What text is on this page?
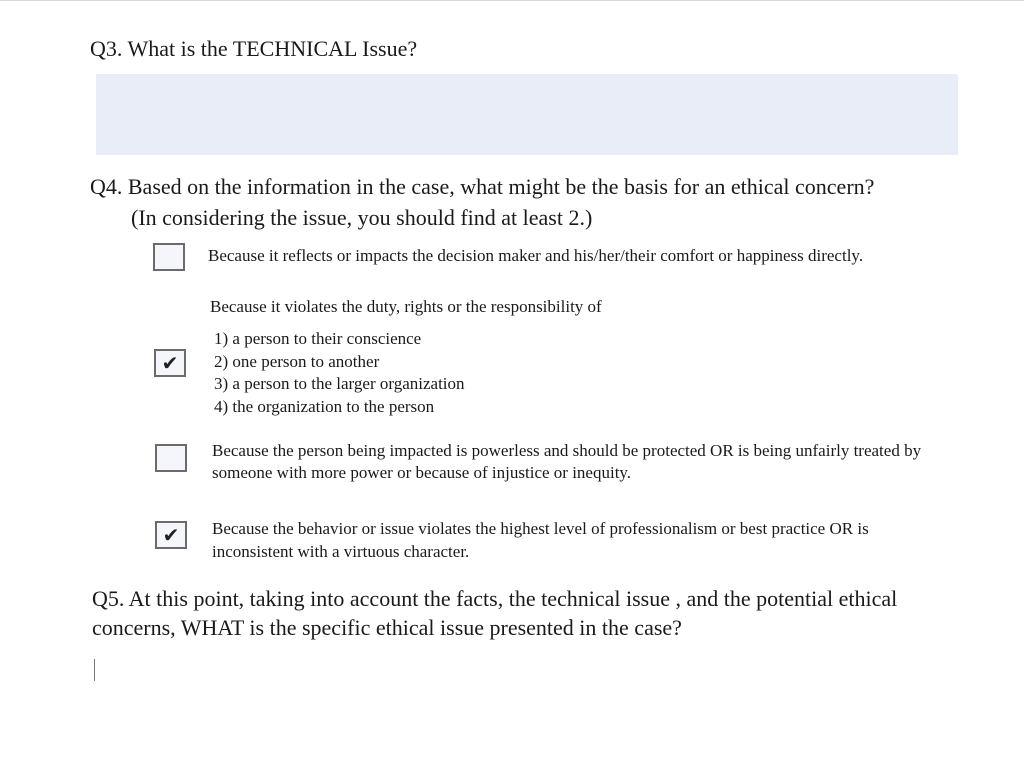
Q3. What is the TECHNICAL Issue?
Q4. Based on the information in the case, what might be the basis for an ethical concern?
(In considering the issue, you should find at least 2.)
Because it reflects or impacts the decision maker and his/her/their comfort or happiness directly.
Because it violates the duty, rights or the responsibility of
1) a person to their conscience
2) one person to another
3) a person to the larger organization
4) the organization to the person
✔
Because the person being impacted is powerless and should be protected OR is being unfairly treated by
someone with more power or because of injustice or inequity.
✔	Because the behavior or issue violates the highest level of professionalism or best practice OR is
inconsistent with a virtuous character.
Q5. At this point, taking into account the facts, the technical issue , and the potential ethical
concerns, WHAT is the specific ethical issue presented in the case?
